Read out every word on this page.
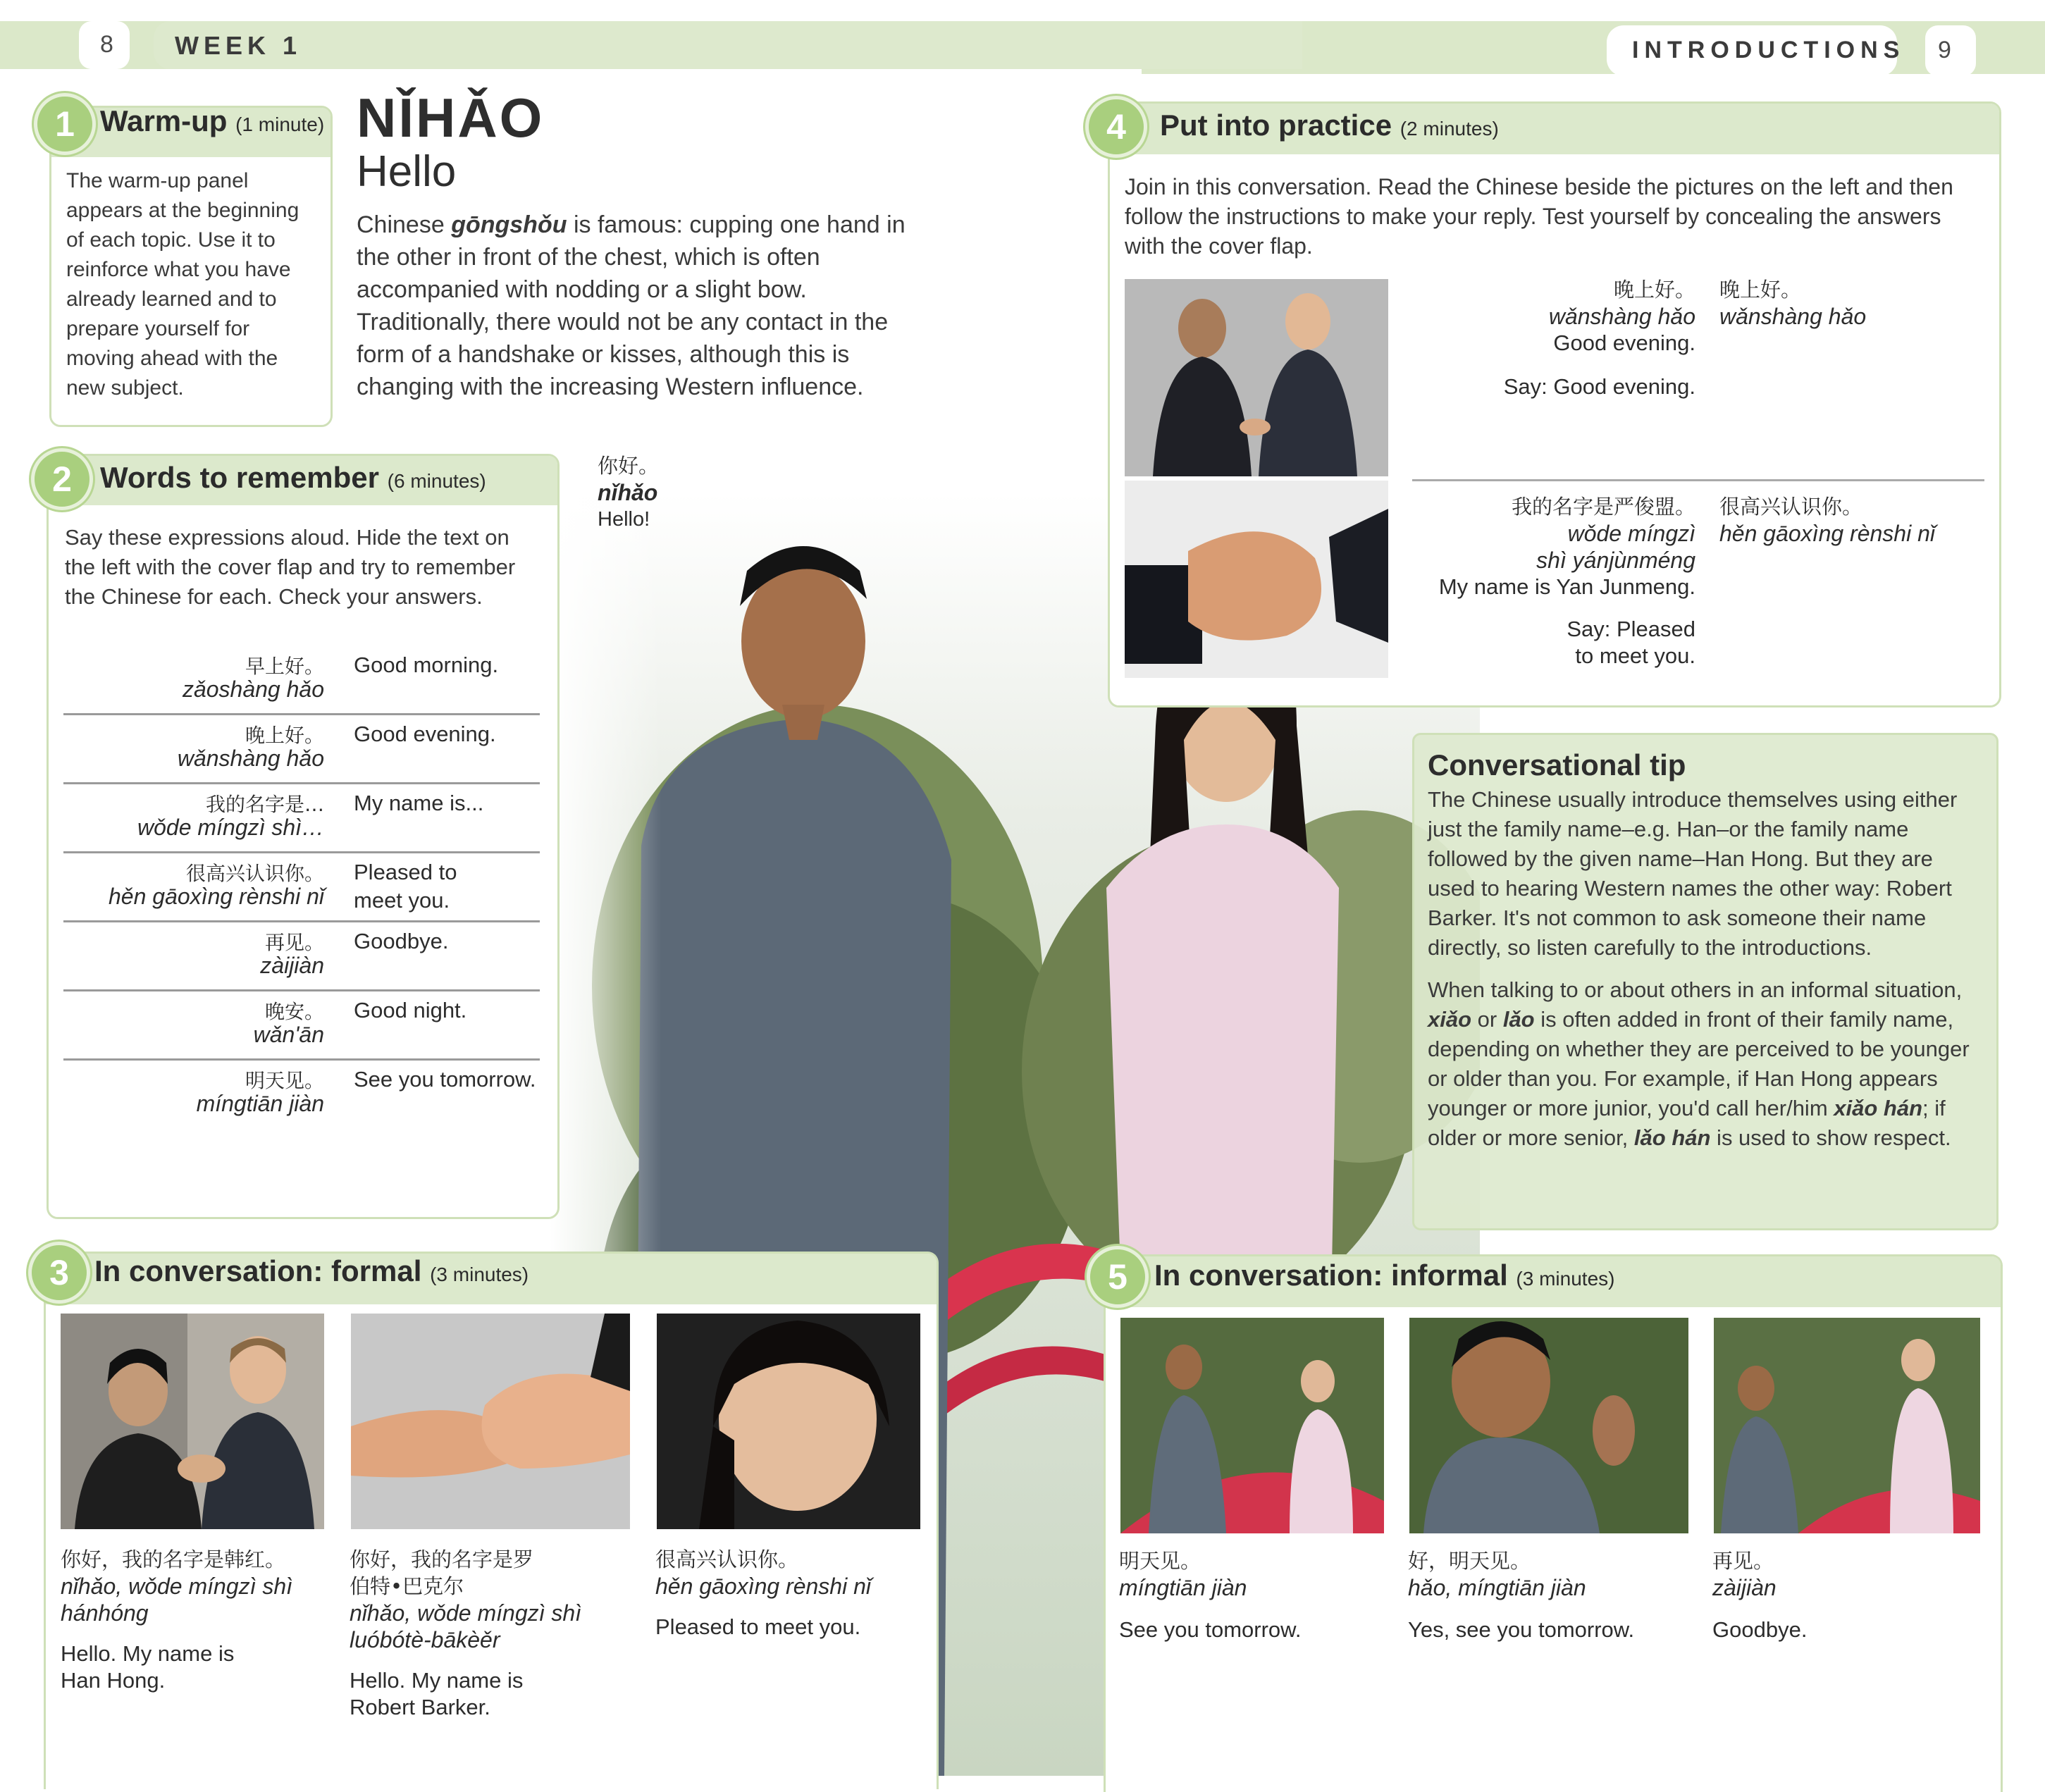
8 WEEK 1	INTRODUCTIONS 9
1 Warm-up (1 minute)
The warm-up panel appears at the beginning of each topic. Use it to reinforce what you have already learned and to prepare yourself for moving ahead with the new subject.
NǏHǍO
Hello
Chinese gōngshǒu is famous: cupping one hand in the other in front of the chest, which is often accompanied with nodding or a slight bow. Traditionally, there would not be any contact in the form of a handshake or kisses, although this is changing with the increasing Western influence.
2 Words to remember (6 minutes)
Say these expressions aloud. Hide the text on the left with the cover flap and try to remember the Chinese for each. Check your answers.
早上好。
zǎoshàng hǎo
Good morning.
晚上好。
wǎnshàng hǎo
Good evening.
我的名字是…
wǒde míngzì shì…
My name is...
很高兴认识你。
hěn gāoxìng rènshi nǐ
Pleased to
meet you.
再见。
zàijiàn
Goodbye.
晚安。
wǎn'ān
Good night.
明天见。
míngtiān jiàn
See you tomorrow.
你好。
nǐhǎo
Hello!
3 In conversation: formal (3 minutes)
你好，我的名字是韩红。
nǐhǎo, wǒde míngzì shì hánhóng
Hello. My name is Han Hong.
你好，我的名字是罗伯特•巴克尔
nǐhǎo, wǒde míngzì shì luóbótè-bākèěr
Hello. My name is Robert Barker.
很高兴认识你。
hěn gāoxìng rènshi nǐ
Pleased to meet you.
4	Put into practice (2 minutes)
Join in this conversation. Read the Chinese beside the pictures on the left and then follow the instructions to make your reply. Test yourself by concealing the answers with the cover flap.
晚上好。
wǎnshàng hǎo
Good evening.
Say: Good evening.
晚上好。
wǎnshàng hǎo
我的名字是严俊盟。
wǒde míngzì shì yánjùnméng
My name is Yan Junmeng.
Say: Pleased to meet you.
很高兴认识你。
hěn gāoxìng rènshi nǐ
Conversational tip
The Chinese usually introduce themselves using either just the family name–e.g. Han–or the family name followed by the given name–Han Hong. But they are used to hearing Western names the other way: Robert Barker. It's not common to ask someone their name directly, so listen carefully to the introductions.
When talking to or about others in an informal situation, xiǎo or lǎo is often added in front of their family name, depending on whether they are perceived to be younger or older than you. For example, if Han Hong appears younger or more junior, you'd call her/him xiǎo hán; if older or more senior, lǎo hán is used to show respect.
5 In conversation: informal (3 minutes)
明天见。
míngtiān jiàn
See you tomorrow.
好，明天见。
hǎo, míngtiān jiàn
Yes, see you tomorrow.
再见。
zàijiàn
Goodbye.
